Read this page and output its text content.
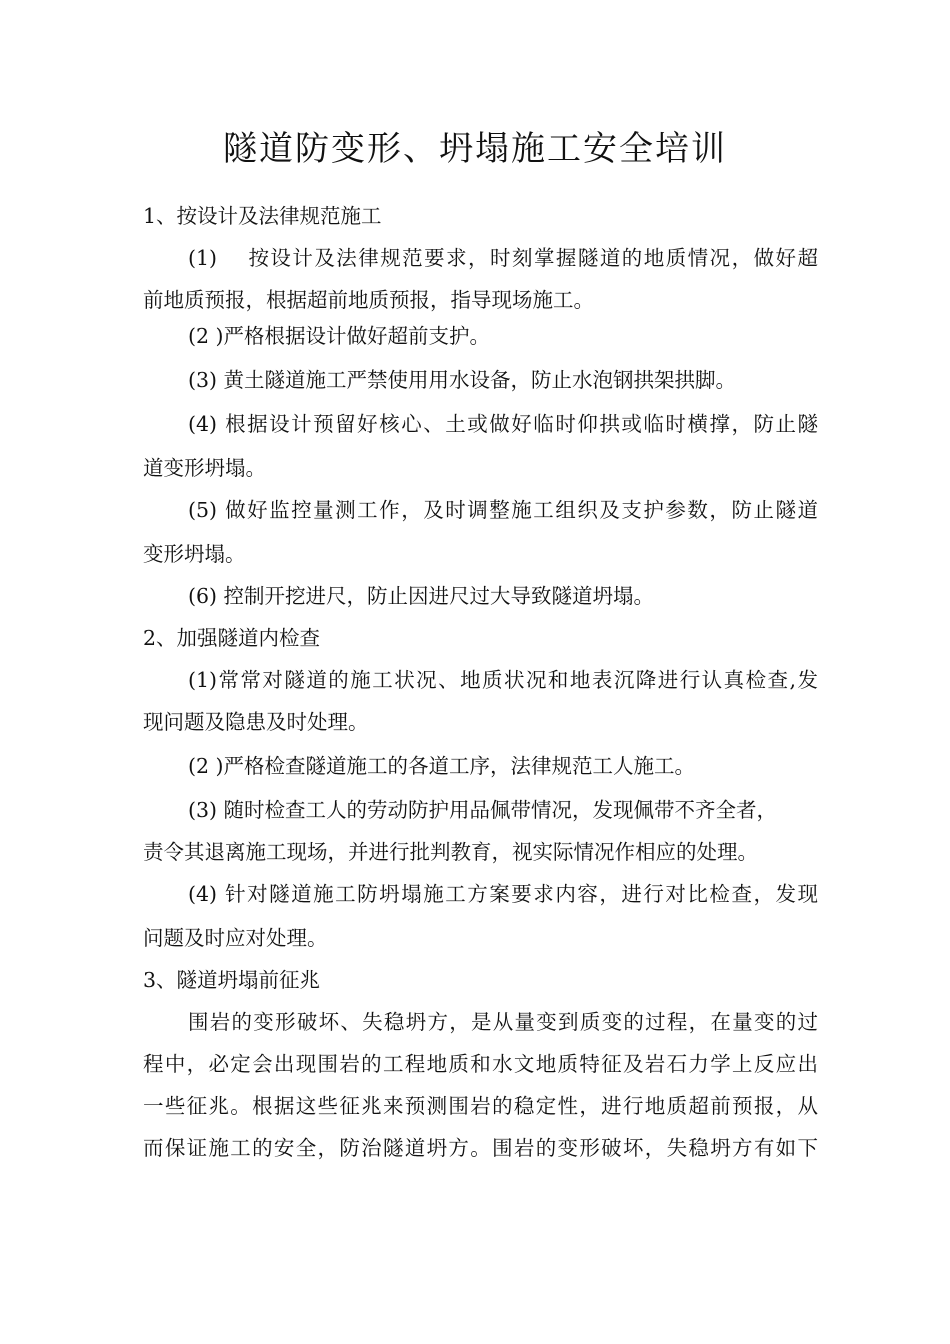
隧道防变形、坍塌施工安全培训
1、按设计及法律规范施工
(1)　 按设计及法律规范要求，时刻掌握隧道的地质情况，做好超
前地质预报，根据超前地质预报，指导现场施工。
(2 )严格根据设计做好超前支护。
(3) 黄土隧道施工严禁使用用水设备，防止水泡钢拱架拱脚。
(4) 根据设计预留好核心、土或做好临时仰拱或临时横撑，防止隧
道变形坍塌。
(5) 做好监控量测工作，及时调整施工组织及支护参数，防止隧道
变形坍塌。
(6) 控制开挖进尺，防止因进尺过大导致隧道坍塌。
2、加强隧道内检查
(1)常常对隧道的施工状况、地质状况和地表沉降进行认真检查,发
现问题及隐患及时处理。
(2 )严格检查隧道施工的各道工序，法律规范工人施工。
(3) 随时检查工人的劳动防护用品佩带情况，发现佩带不齐全者，
责令其退离施工现场，并进行批判教育，视实际情况作相应的处理。
(4) 针对隧道施工防坍塌施工方案要求内容，进行对比检查，发现
问题及时应对处理。
3、隧道坍塌前征兆
围岩的变形破坏、失稳坍方，是从量变到质变的过程，在量变的过
程中，必定会出现围岩的工程地质和水文地质特征及岩石力学上反应出
一些征兆。根据这些征兆来预测围岩的稳定性，进行地质超前预报，从
而保证施工的安全，防治隧道坍方。围岩的变形破坏，失稳坍方有如下
